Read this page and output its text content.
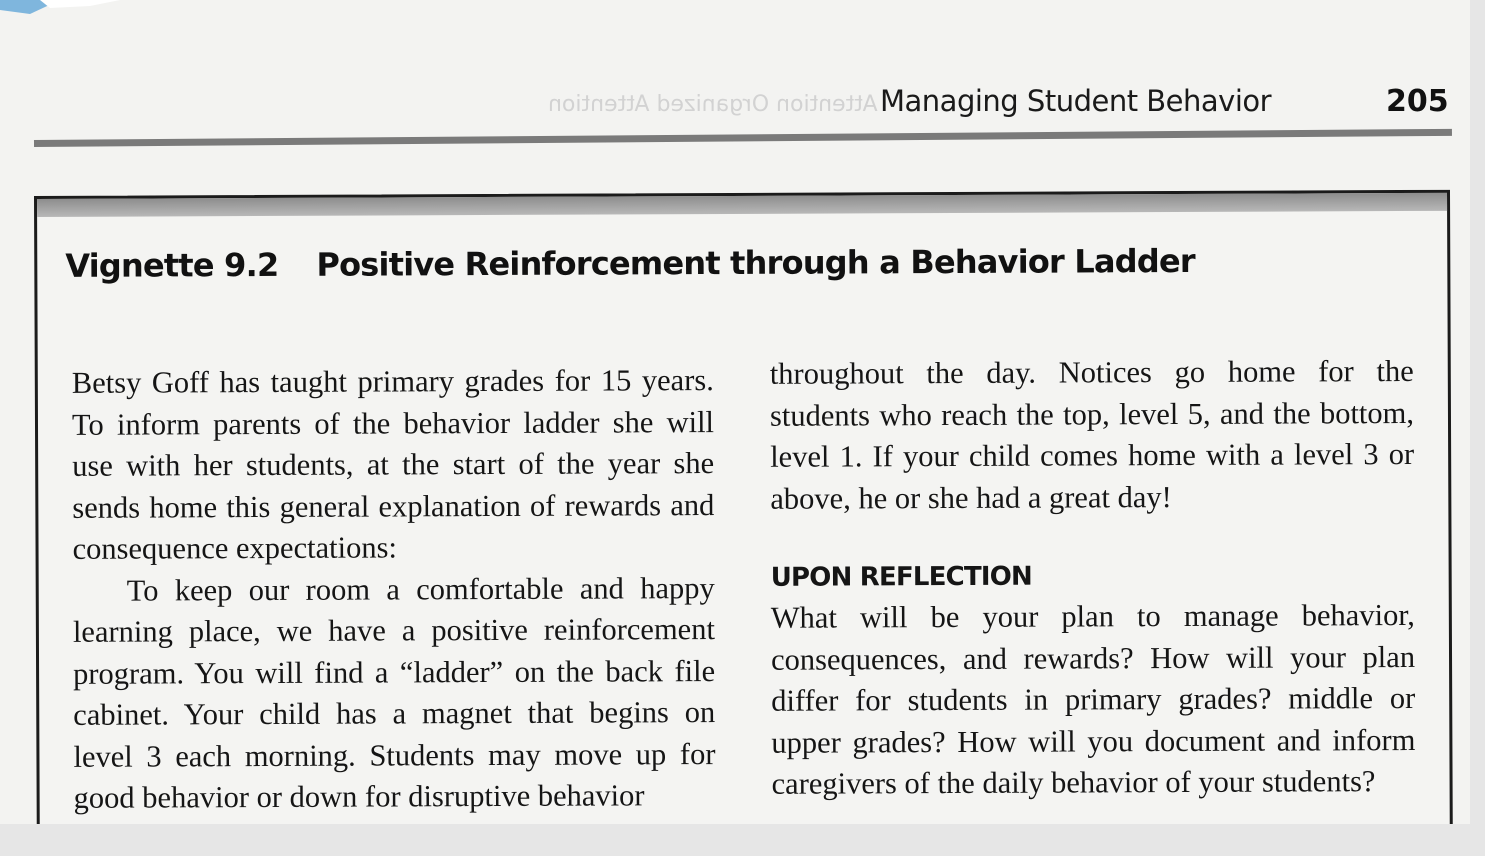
Attention Organized Attention Managing Student Behavior	205
Vignette 9.2 Positive Reinforcement through a Behavior Ladder

Betsy Goff has taught primary grades for 15 years. To inform parents of the behavior ladder she will use with her students, at the start of the year she sends home this general explanation of rewards and consequence expectations:

To keep our room a comfortable and happy learning place, we have a positive reinforcement program. You will find a “ladder” on the back file cabinet. Your child has a magnet that begins on level 3 each morning. Students may move up for good behavior or down for disruptive behavior

throughout the day. Notices go home for the students who reach the top, level 5, and the bottom, level 1. If your child comes home with a level 3 or above, he or she had a great day!

UPON REFLECTION

What will be your plan to manage behavior, consequences, and rewards? How will your plan differ for students in primary grades? middle or upper grades? How will you document and inform caregivers of the daily behavior of your students?
